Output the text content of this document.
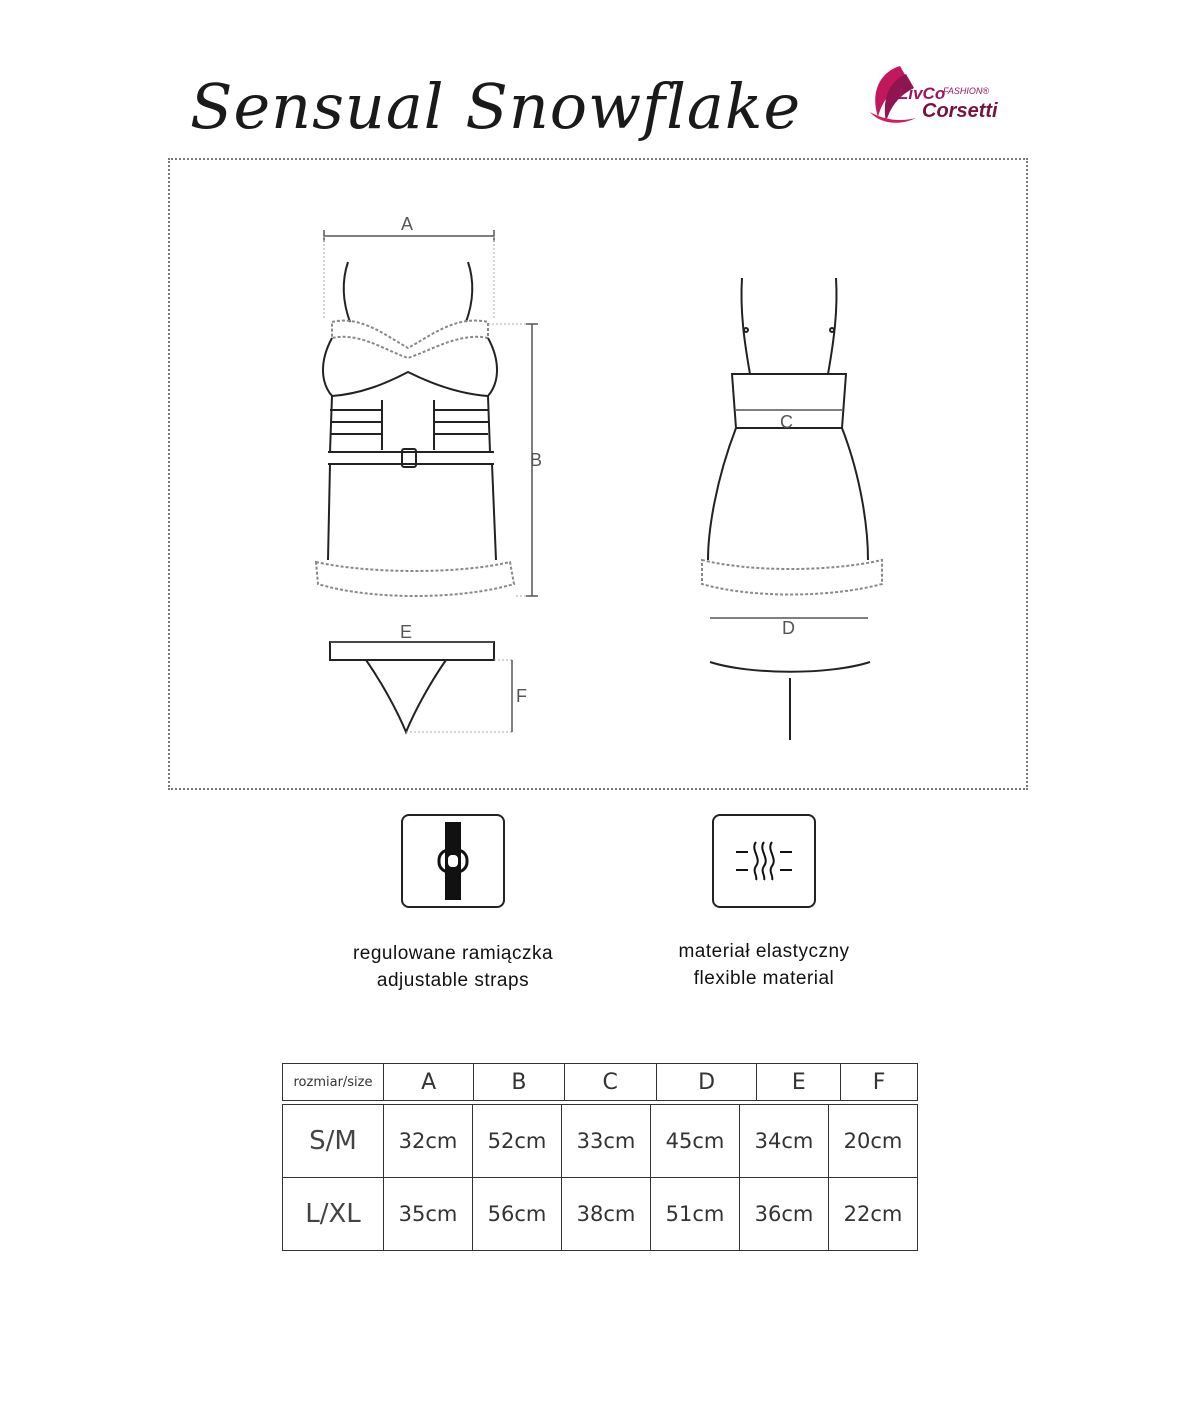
Sensual Snowflake	LivCo
FASHION®
Corsetti
A
B
C
D
E
F
regulowane ramiączka
adjustable straps
materiał elastyczny
flexible material
rozmiar/size	A	B	C	D	E	F
S/M	32cm	52cm	33cm	45cm	34cm	20cm
L/XL	35cm	56cm	38cm	51cm	36cm	22cm
